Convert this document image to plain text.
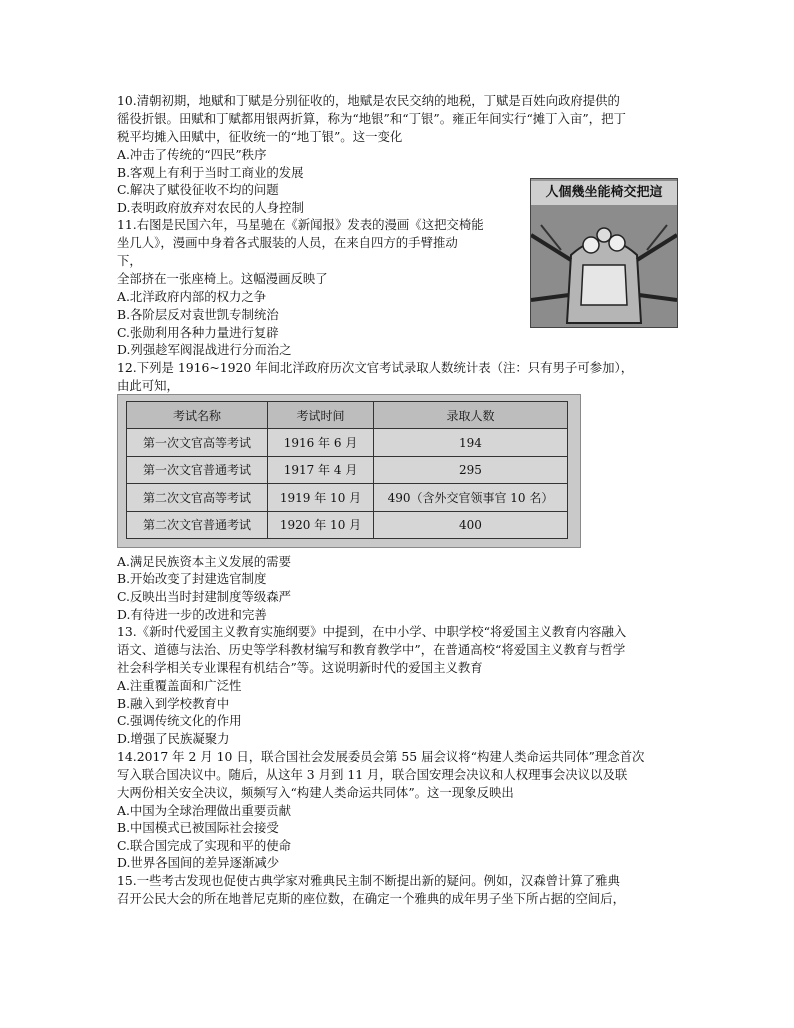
10.清朝初期，地赋和丁赋是分别征收的，地赋是农民交纳的地税，丁赋是百姓向政府提供的
徭役折银。田赋和丁赋都用银两折算，称为“地银”和“丁银”。雍正年间实行“摊丁入亩”，把丁
税平均摊入田赋中，征收统一的“地丁银”。这一变化
A.冲击了传统的“四民”秩序
B.客观上有利于当时工商业的发展
C.解决了赋役征收不均的问题
D.表明政府放弃对农民的人身控制
11.右图是民国六年，马星驰在《新闻报》发表的漫画《这把交椅能
坐几人》，漫画中身着各式服装的人员，在来自四方的手臂推动
下，
全部挤在一张座椅上。这幅漫画反映了
A.北洋政府内部的权力之争
B.各阶层反对袁世凯专制统治
C.张勋利用各种力量进行复辟
D.列强趁军阀混战进行分而治之
12.下列是 1916~1920 年间北洋政府历次文官考试录取人数统计表（注：只有男子可参加），
由此可知，
A.满足民族资本主义发展的需要
B.开始改变了封建选官制度
C.反映出当时封建制度等级森严
D.有待进一步的改进和完善
13.《新时代爱国主义教育实施纲要》中提到，在中小学、中职学校“将爱国主义教育内容融入
语文、道德与法治、历史等学科教材编写和教育教学中”，在普通高校“将爱国主义教育与哲学
社会科学相关专业课程有机结合”等。这说明新时代的爱国主义教育
A.注重覆盖面和广泛性
B.融入到学校教育中
C.强调传统文化的作用
D.增强了民族凝聚力
14.2017 年 2 月 10 日，联合国社会发展委员会第 55 届会议将“构建人类命运共同体”理念首次
写入联合国决议中。随后，从这年 3 月到 11 月，联合国安理会决议和人权理事会决议以及联
大两份相关安全决议，频频写入“构建人类命运共同体”。这一现象反映出
A.中国为全球治理做出重要贡献
B.中国模式已被国际社会接受
C.联合国完成了实现和平的使命
D.世界各国间的差异逐渐减少
15.一些考古发现也促使古典学家对雅典民主制不断提出新的疑问。例如，汉森曾计算了雅典
召开公民大会的所在地普尼克斯的座位数，在确定一个雅典的成年男子坐下所占据的空间后，
人個幾坐能椅交把這
考试名称	考试时间	录取人数
第一次文官高等考试	1916 年 6 月	194
第一次文官普通考试	1917 年 4 月	295
第二次文官高等考试	1919 年 10 月	490（含外交官领事官 10 名）
第二次文官普通考试	1920 年 10 月	400
